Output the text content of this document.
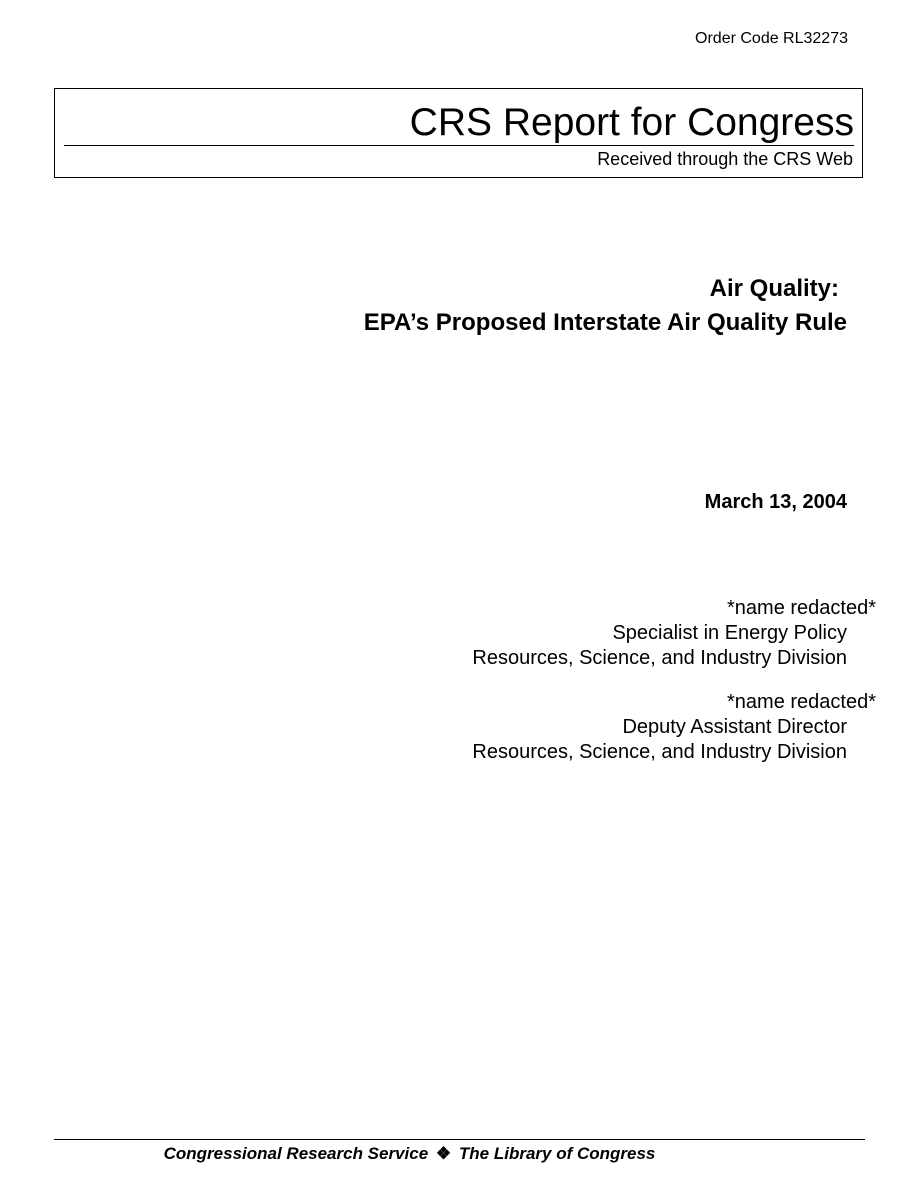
Order Code RL32273
CRS Report for Congress
Received through the CRS Web
Air Quality:
EPA’s Proposed Interstate Air Quality Rule
March 13, 2004
*name redacted*
Specialist in Energy Policy
Resources, Science, and Industry Division
*name redacted*
Deputy Assistant Director
Resources, Science, and Industry Division
Congressional Research Service ❖ The Library of Congress
